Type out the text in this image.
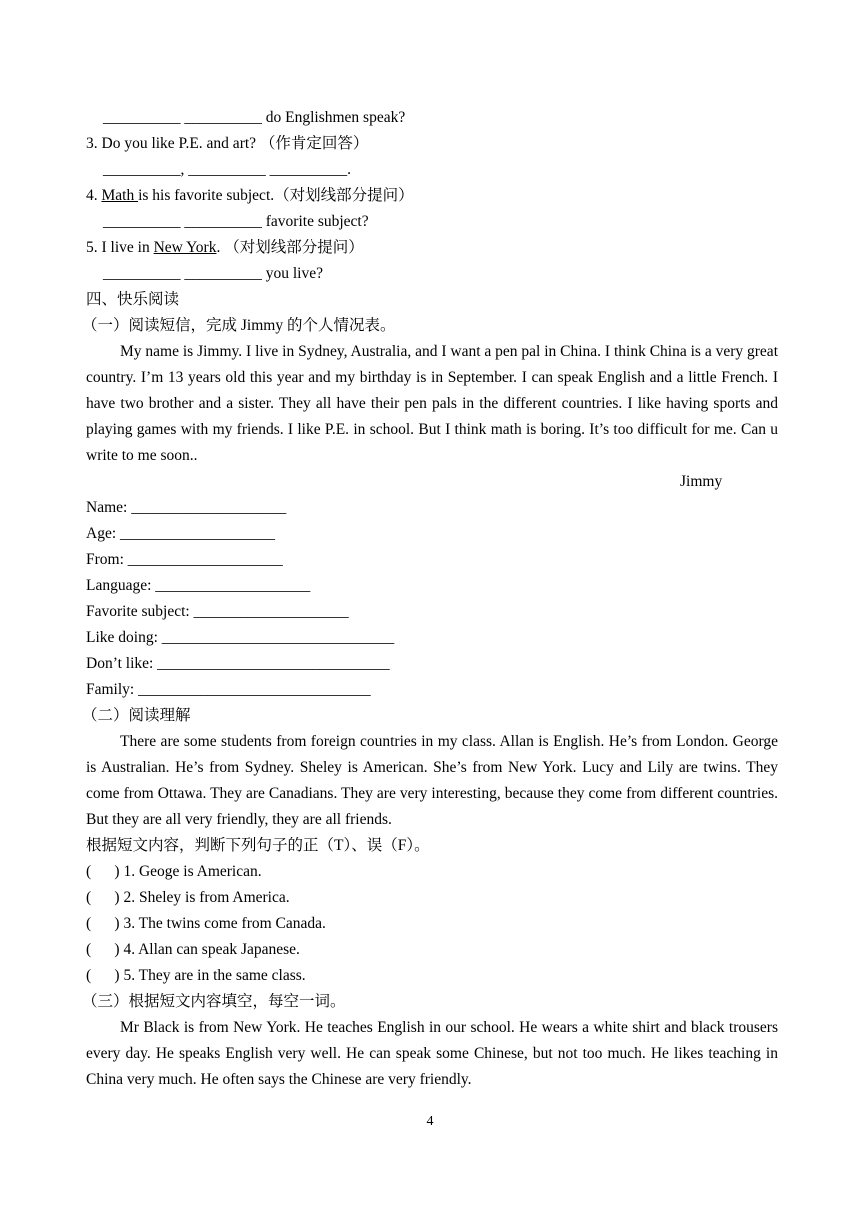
__________ __________ do Englishmen speak?
3. Do you like P.E. and art? （作肯定回答）
__________, __________ __________.
4. Math is his favorite subject.（对划线部分提问）
__________ __________ favorite subject?
5. I live in New York. （对划线部分提问）
__________ __________ you live?
四、快乐阅读
（一）阅读短信，完成 Jimmy 的个人情况表。

My name is Jimmy. I live in Sydney, Australia, and I want a pen pal in China. I think China is a very great country. I’m 13 years old this year and my birthday is in September. I can speak English and a little French. I have two brother and a sister. They all have their pen pals in the different countries. I like having sports and playing games with my friends. I like P.E. in school. But I think math is boring. It’s too difficult for me. Can u write to me soon..

Jimmy
Name: ____________________
Age: ____________________
From: ____________________
Language: ____________________
Favorite subject: ____________________
Like doing: ______________________________
Don’t like: ______________________________
Family: ______________________________
（二）阅读理解

There are some students from foreign countries in my class. Allan is English. He’s from London. George is Australian. He’s from Sydney. Sheley is American. She’s from New York. Lucy and Lily are twins. They come from Ottawa. They are Canadians. They are very interesting, because they come from different countries. But they are all very friendly, they are all friends.

根据短文内容，判断下列句子的正（T）、误（F）。
(      ) 1. Geoge is American.
(      ) 2. Sheley is from America.
(      ) 3. The twins come from Canada.
(      ) 4. Allan can speak Japanese.
(      ) 5. They are in the same class.
（三）根据短文内容填空，每空一词。

Mr Black is from New York. He teaches English in our school. He wears a white shirt and black trousers every day. He speaks English very well. He can speak some Chinese, but not too much. He likes teaching in China very much. He often says the Chinese are very friendly.

4
